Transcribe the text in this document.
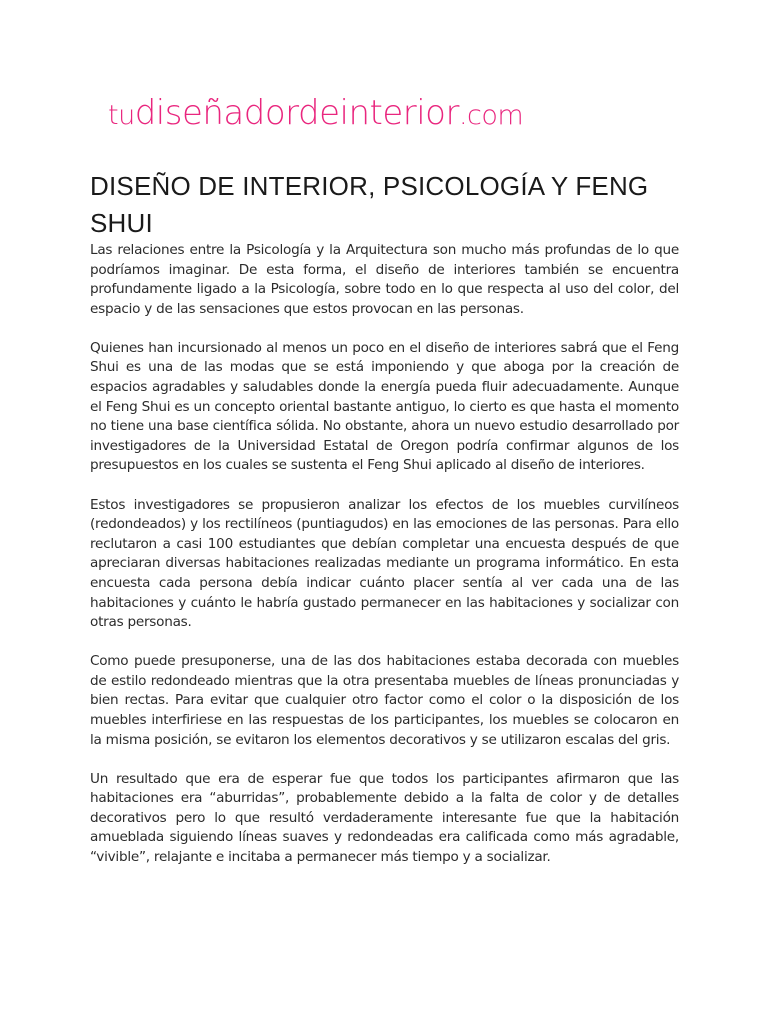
tudiseñadordeinterior.com
DISEÑO DE INTERIOR, PSICOLOGÍA Y FENG SHUI

Las relaciones entre la Psicología y la Arquitectura son mucho más profundas de lo que podríamos imaginar. De esta forma, el diseño de interiores también se encuentra profundamente ligado a la Psicología, sobre todo en lo que respecta al uso del color, del espacio y de las sensaciones que estos provocan en las personas.

Quienes han incursionado al menos un poco en el diseño de interiores sabrá que el Feng Shui es una de las modas que se está imponiendo y que aboga por la creación de espacios agradables y saludables donde la energía pueda fluir adecuadamente. Aunque el Feng Shui es un concepto oriental bastante antiguo, lo cierto es que hasta el momento no tiene una base científica sólida. No obstante, ahora un nuevo estudio desarrollado por investigadores de la Universidad Estatal de Oregon podría confirmar algunos de los presupuestos en los cuales se sustenta el Feng Shui aplicado al diseño de interiores.

Estos investigadores se propusieron analizar los efectos de los muebles curvilíneos (redondeados) y los rectilíneos (puntiagudos) en las emociones de las personas. Para ello reclutaron a casi 100 estudiantes que debían completar una encuesta después de que apreciaran diversas habitaciones realizadas mediante un programa informático. En esta encuesta cada persona debía indicar cuánto placer sentía al ver cada una de las habitaciones y cuánto le habría gustado permanecer en las habitaciones y socializar con otras personas.

Como puede presuponerse, una de las dos habitaciones estaba decorada con muebles de estilo redondeado mientras que la otra presentaba muebles de líneas pronunciadas y bien rectas. Para evitar que cualquier otro factor como el color o la disposición de los muebles interfiriese en las respuestas de los participantes, los muebles se colocaron en la misma posición, se evitaron los elementos decorativos y se utilizaron escalas del gris.

Un resultado que era de esperar fue que todos los participantes afirmaron que las habitaciones era “aburridas”, probablemente debido a la falta de color y de detalles decorativos pero lo que resultó verdaderamente interesante fue que la habitación amueblada siguiendo líneas suaves y redondeadas era calificada como más agradable, “vivible”, relajante e incitaba a permanecer más tiempo y a socializar.
